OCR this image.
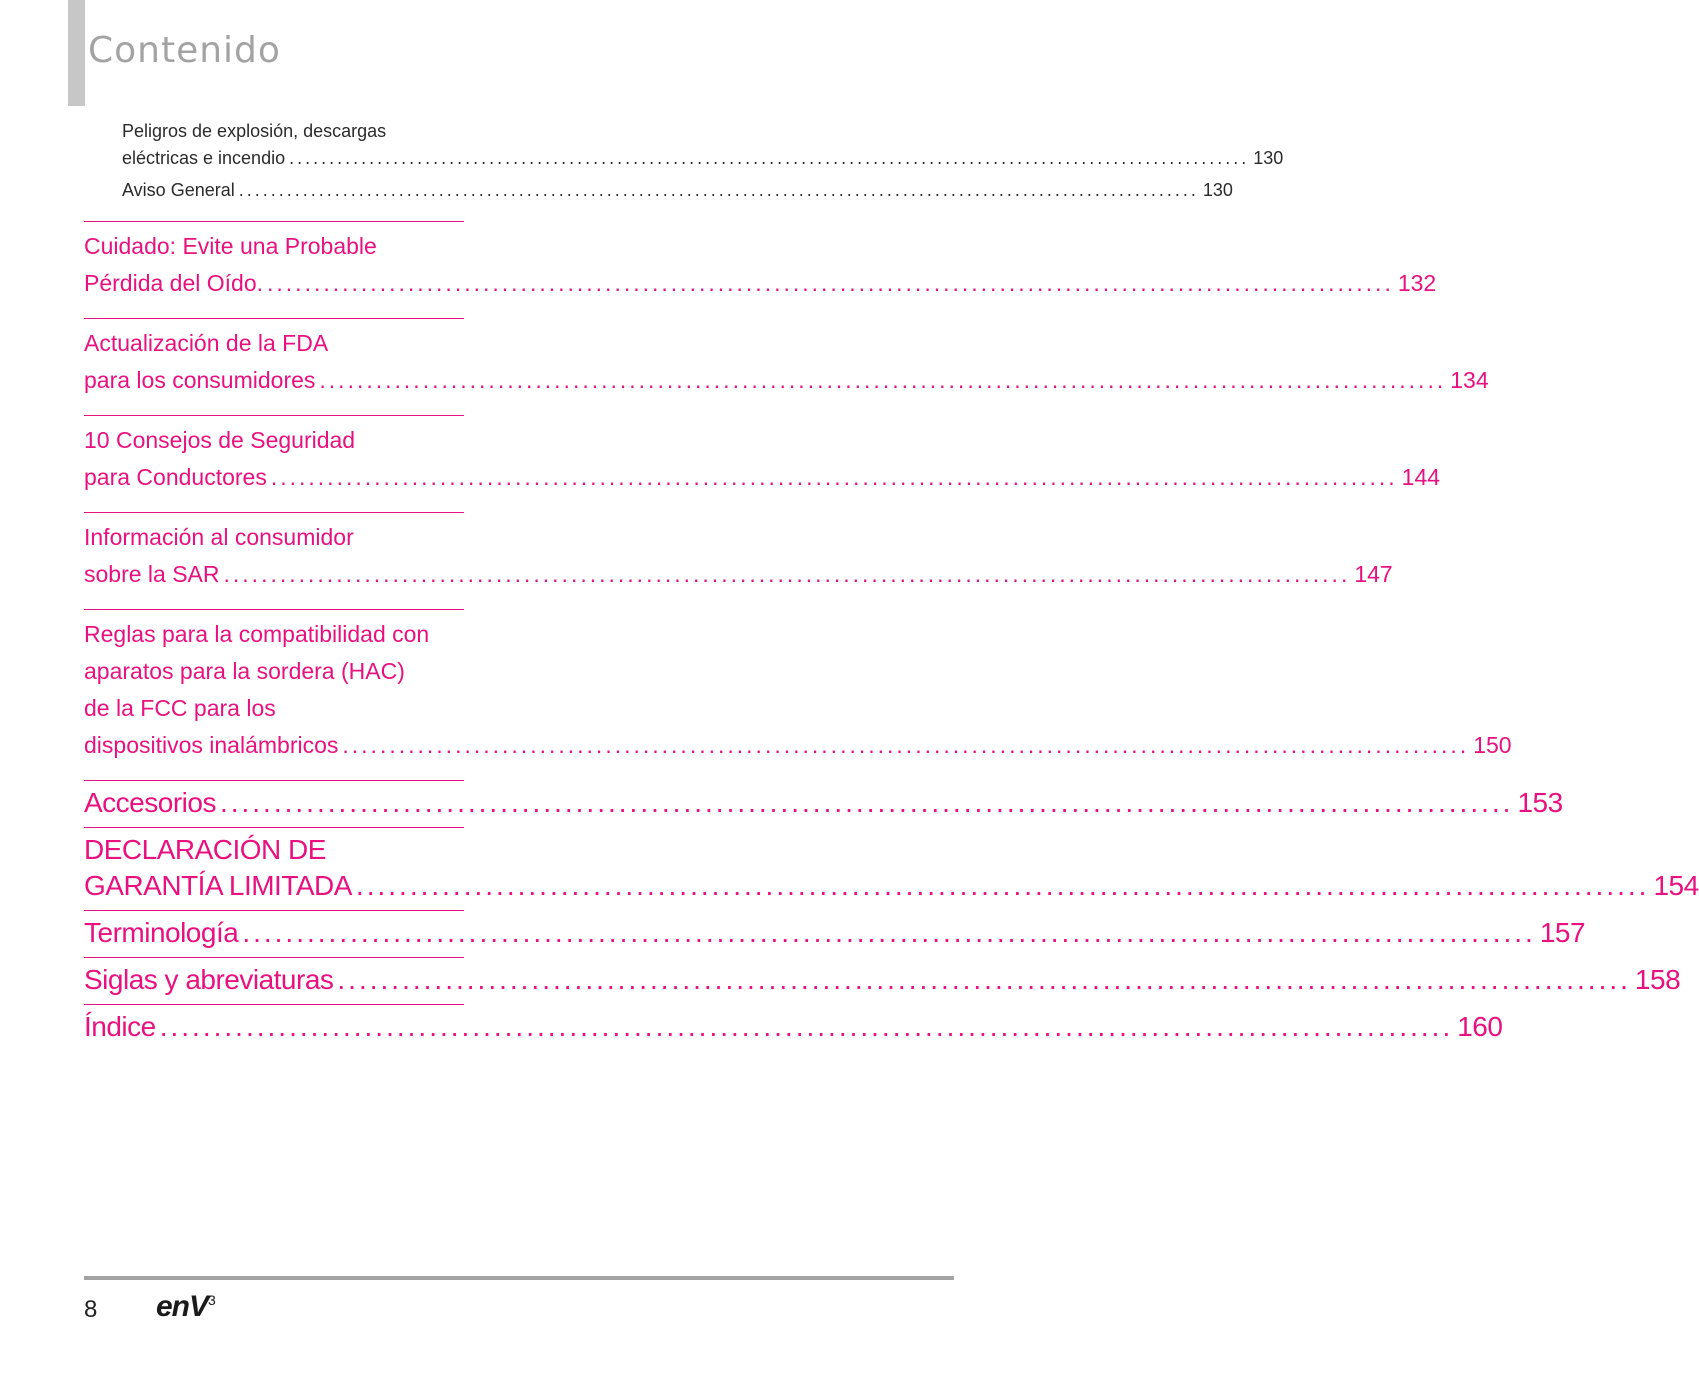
Contenido
Peligros de explosión, descargas
eléctricas e incendio ........................................................................................................................ 130
Aviso General ........................................................................................................................ 130
Cuidado: Evite una Probable
Pérdida del Oído. ........................................................................................................................ 132
Actualización de la FDA
para los consumidores ........................................................................................................................ 134
10 Consejos de Seguridad
para Conductores ........................................................................................................................ 144
Información al consumidor
sobre la SAR ........................................................................................................................ 147
Reglas para la compatibilidad con
aparatos para la sordera (HAC)
de la FCC para los
dispositivos inalámbricos ........................................................................................................................ 150
Accesorios ........................................................................................................................ 153
DECLARACIÓN DE
GARANTÍA LIMITADA ........................................................................................................................ 154
Terminología ........................................................................................................................ 157
Siglas y abreviaturas ........................................................................................................................ 158
Índice ........................................................................................................................ 160
8 enV$^3$
